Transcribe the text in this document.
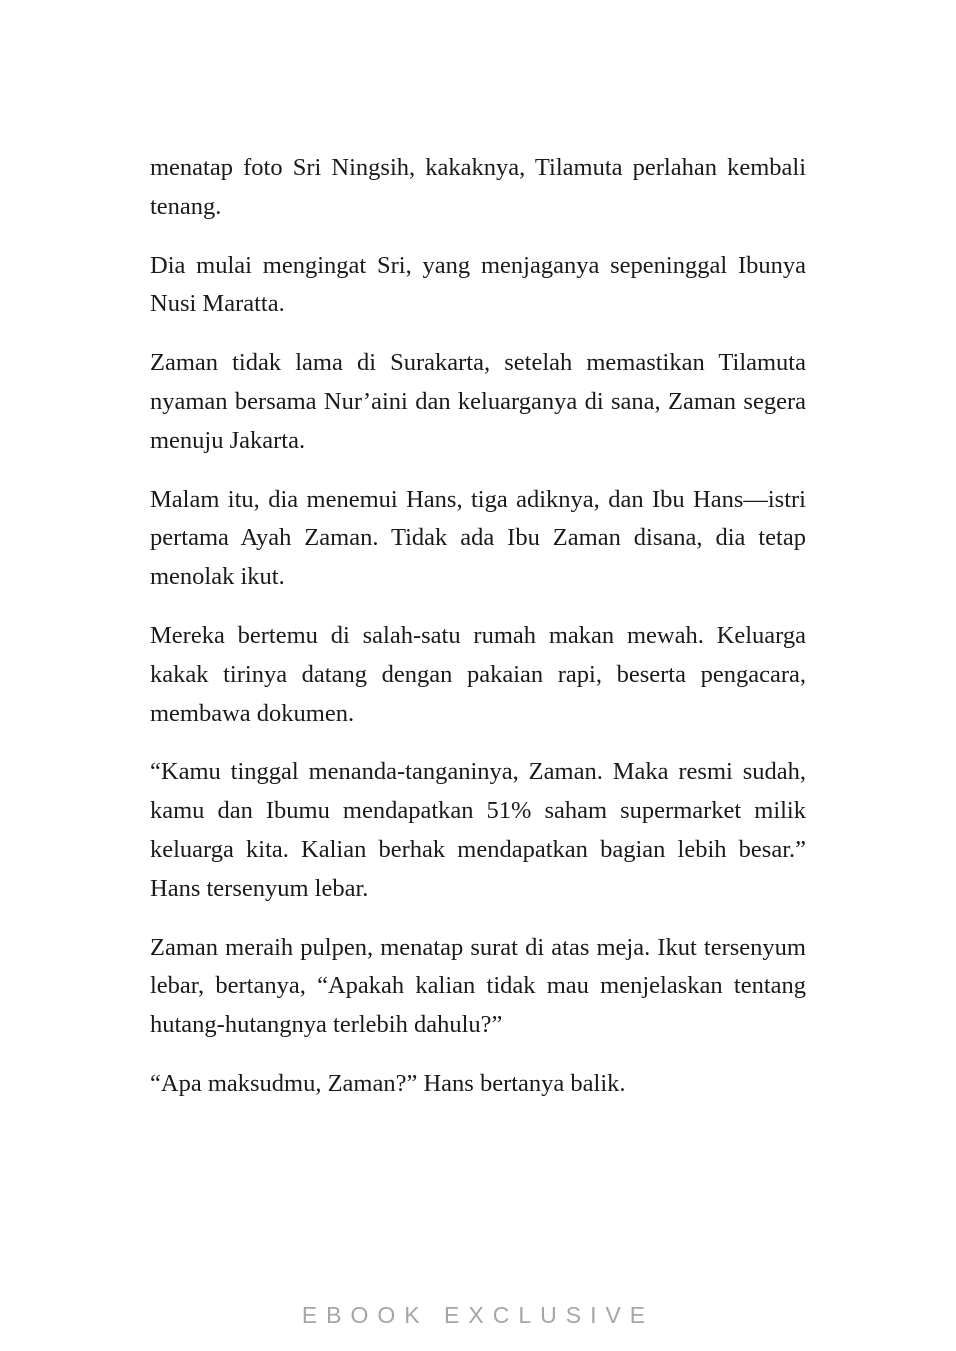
menatap foto Sri Ningsih, kakaknya, Tilamuta perlahan kembali tenang.

Dia mulai mengingat Sri, yang menjaganya sepeninggal Ibunya Nusi Maratta.

Zaman tidak lama di Surakarta, setelah memastikan Tilamuta nyaman bersama Nur’aini dan keluarganya di sana, Zaman segera menuju Jakarta.

Malam itu, dia menemui Hans, tiga adiknya, dan Ibu Hans—istri pertama Ayah Zaman. Tidak ada Ibu Zaman disana, dia tetap menolak ikut.

Mereka bertemu di salah-satu rumah makan mewah. Keluarga kakak tirinya datang dengan pakaian rapi, beserta pengacara, membawa dokumen.

“Kamu tinggal menanda-tanganinya, Zaman. Maka resmi sudah, kamu dan Ibumu mendapatkan 51% saham supermarket milik keluarga kita. Kalian berhak mendapatkan bagian lebih besar.” Hans tersenyum lebar.

Zaman meraih pulpen, menatap surat di atas meja. Ikut tersenyum lebar, bertanya, “Apakah kalian tidak mau menjelaskan tentang hutang-hutangnya terlebih dahulu?”

“Apa maksudmu, Zaman?” Hans bertanya balik.

EBOOK EXCLUSIVE
